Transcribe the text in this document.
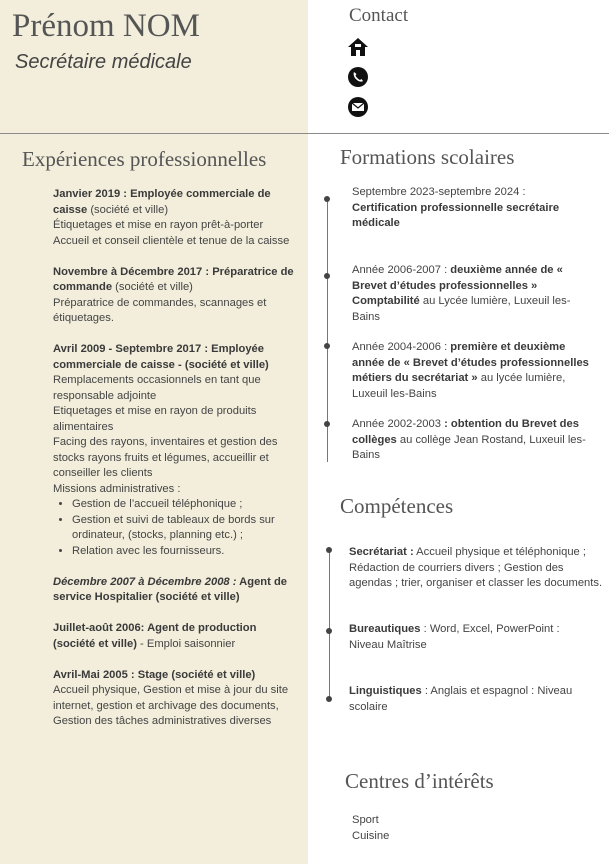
Prénom NOM
Secrétaire médicale
Contact
Expériences professionnelles
Janvier 2019 : Employée commerciale de caisse (société et ville)

Étiquetages et mise en rayon prêt-à-porter

Accueil et conseil clientèle et tenue de la caisse

Novembre à Décembre 2017 : Préparatrice de commande (société et ville)

Préparatrice de commandes, scannages et étiquetages.

Avril 2009 - Septembre 2017 : Employée commerciale de caisse - (société et ville)

Remplacements occasionnels en tant que responsable adjointe

Etiquetages et mise en rayon de produits alimentaires

Facing des rayons, inventaires et gestion des stocks rayons fruits et légumes, accueillir et conseiller les clients

Missions administratives :

• Gestion de l’accueil téléphonique ;
• Gestion et suivi de tableaux de bords sur ordinateur, (stocks, planning etc.) ;
• Relation avec les fournisseurs.
Décembre 2007 à Décembre 2008 : Agent de service Hospitalier (société et ville)
Juillet-août 2006: Agent de production (société et ville) - Emploi saisonnier
Avril-Mai 2005 : Stage (société et ville)

Accueil physique, Gestion et mise à jour du site internet, gestion et archivage des documents,

Gestion des tâches administratives diverses

Formations scolaires
Septembre 2023-septembre 2024 :
Certification professionnelle secrétaire médicale
Année 2006-2007 : deuxième année de « Brevet d’études professionnelles » Comptabilité au Lycée lumière, Luxeuil les-Bains
Année 2004-2006 : première et deuxième année de « Brevet d’études professionnelles métiers du secrétariat » au lycée lumière, Luxeuil les-Bains
Année 2002-2003 : obtention du Brevet des collèges au collège Jean Rostand, Luxeuil les- Bains
Compétences
Secrétariat : Accueil physique et téléphonique ; Rédaction de courriers divers ; Gestion des agendas ; trier, organiser et classer les documents.
Bureautiques : Word, Excel, PowerPoint : Niveau Maîtrise
Linguistiques : Anglais et espagnol : Niveau scolaire
Centres d’intérêts

Sport

Cuisine
